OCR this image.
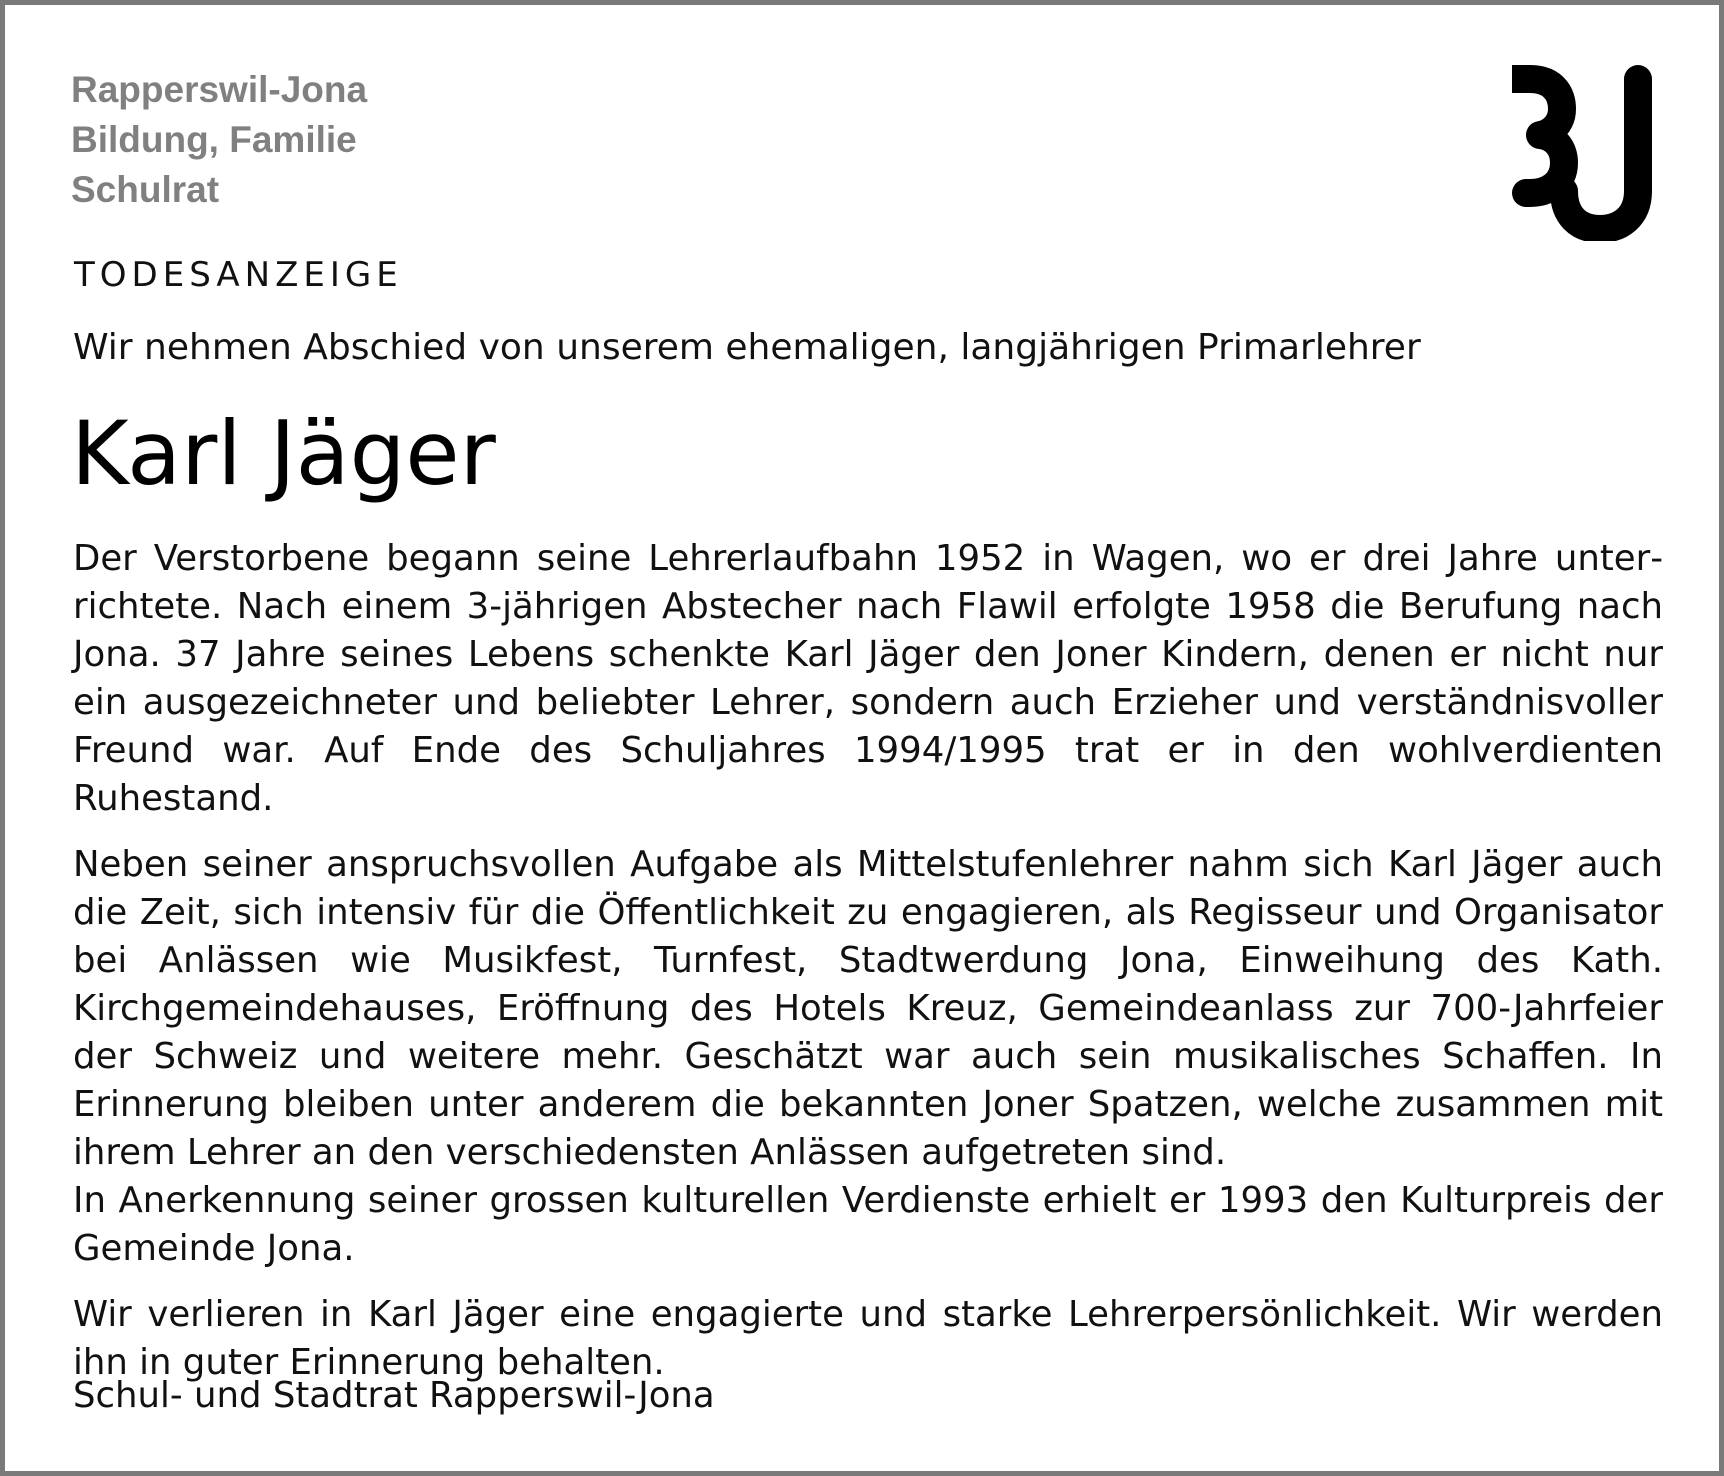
Rapperswil-Jona
Bildung, Familie
Schulrat
TODESANZEIGE
Wir nehmen Abschied von unserem ehemaligen, langjährigen Primarlehrer
Karl Jäger

Der Verstorbene begann seine Lehrerlaufbahn 1952 in Wagen, wo er drei Jahre unterrichtete. Nach einem 3-jährigen Abstecher nach Flawil erfolgte 1958 die Berufung nach Jona. 37 Jahre seines Lebens schenkte Karl Jäger den Joner Kindern, denen er nicht nur ein ausgezeichneter und beliebter Lehrer, sondern auch Erzieher und verständnisvoller Freund war. Auf Ende des Schuljahres 1994/1995 trat er in den wohlverdienten Ruhestand.

Neben seiner anspruchsvollen Aufgabe als Mittelstufenlehrer nahm sich Karl Jäger auch die Zeit, sich intensiv für die Öffentlichkeit zu engagieren, als Regisseur und Organisator bei Anlässen wie Musikfest, Turnfest, Stadtwerdung Jona, Einweihung des Kath. Kirchgemeindehauses, Eröffnung des Hotels Kreuz, Gemeindeanlass zur 700-Jahrfeier der Schweiz und weitere mehr. Geschätzt war auch sein musikalisches Schaffen. In Erinnerung bleiben unter anderem die bekannten Joner Spatzen, welche zusammen mit ihrem Lehrer an den verschiedensten Anlässen aufgetreten sind.

In Anerkennung seiner grossen kulturellen Verdienste erhielt er 1993 den Kulturpreis der Gemeinde Jona.

Wir verlieren in Karl Jäger eine engagierte und starke Lehrerpersönlichkeit. Wir werden ihn in guter Erinnerung behalten.

Schul- und Stadtrat Rapperswil-Jona
